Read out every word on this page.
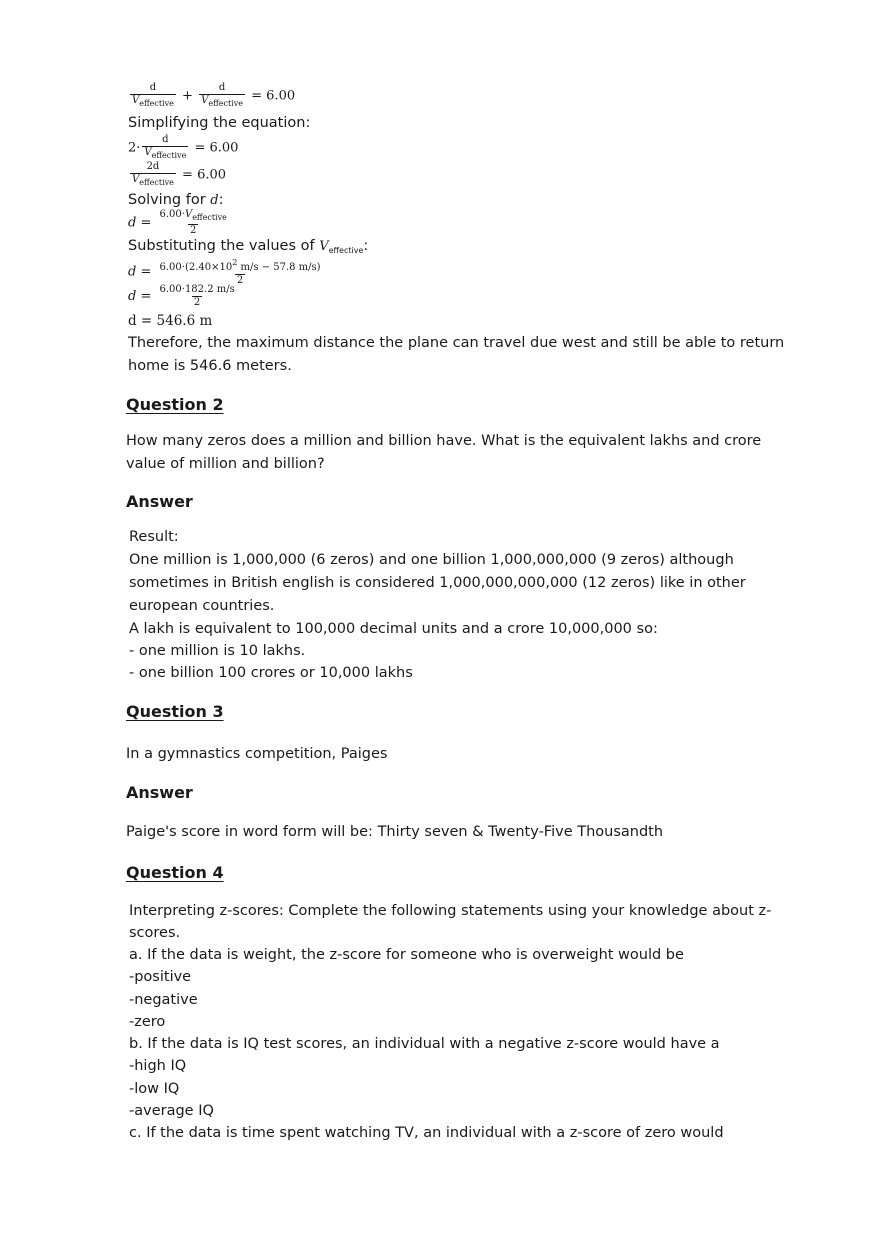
$\frac{d}{V_{effective}} + \frac{d}{V_{effective}} = 6.00$
Simplifying the equation:
$2\cdot \frac{d}{V_{effective}} = 6.00$
$\frac{2d}{V_{effective}} = 6.00$
Solving for d:
$d = \frac{6.00\cdot V_{effective}}{2}$
Substituting the values of $V_{effective}$:
$d = \frac{6.00\cdot(2.40\times 10^2 m/s - 57.8 m/s)}{2}$
$d = \frac{6.00\cdot 182.2 m/s}{2}$
d = 546.6 m
Therefore, the maximum distance the plane can travel due west and still be able to return
home is 546.6 meters.
Question 2
How many zeros does a million and billion have. What is the equivalent lakhs and crore
value of million and billion?
Answer
Result:
One million is 1,000,000 (6 zeros) and one billion 1,000,000,000 (9 zeros) although
sometimes in British english is considered 1,000,000,000,000 (12 zeros) like in other
european countries.
A lakh is equivalent to 100,000 decimal units and a crore 10,000,000 so:
- one million is 10 lakhs.
- one billion 100 crores or 10,000 lakhs
Question 3
In a gymnastics competition, Paiges
Answer
Paige's score in word form will be: Thirty seven & Twenty-Five Thousandth
Question 4
Interpreting z-scores: Complete the following statements using your knowledge about z-
scores.
a. If the data is weight, the z-score for someone who is overweight would be
-positive
-negative
-zero
b. If the data is IQ test scores, an individual with a negative z-score would have a
-high IQ
-low IQ
-average IQ
c. If the data is time spent watching TV, an individual with a z-score of zero would
